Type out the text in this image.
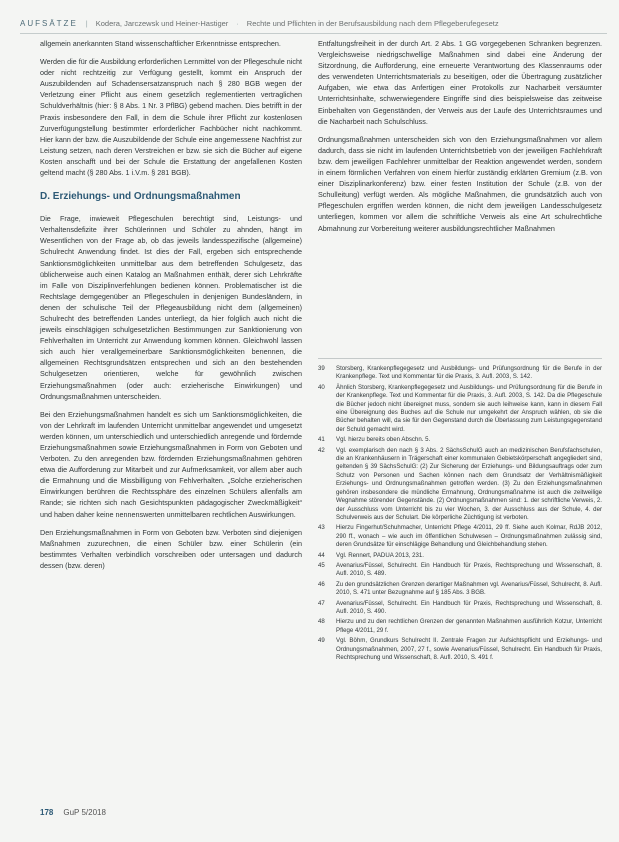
AUFSÄTZE | Kodera, Jarczewsk und Heiner-Hastiger · Rechte und Pflichten in der Berufsausbildung nach dem Pflegeberufegesetz

allgemein anerkannten Stand wissenschaftlicher Erkenntnisse entsprechen.

Werden die für die Ausbildung erforderlichen Lernmittel von der Pflegeschule nicht oder nicht rechtzeitig zur Verfügung gestellt, kommt ein Anspruch der Auszubildenden auf Schadensersatzanspruch nach § 280 BGB wegen der Verletzung einer Pflicht aus einem gesetzlich reglementierten vertraglichen Schuldverhältnis (hier: § 8 Abs. 1 Nr. 3 PflBG) gebend machen. Dies betrifft in der Praxis insbesondere den Fall, in dem die Schule ihrer Pflicht zur kostenlosen Zurverfügungstellung bestimmter erforderlicher Fachbücher nicht nachkommt. Hier kann der bzw. die Auszubildende der Schule eine angemessene Nachfrist zur Leistung setzen, nach deren Verstreichen er bzw. sie sich die Bücher auf eigene Kosten anschafft und bei der Schule die Erstattung der angefallenen Kosten geltend macht (§ 280 Abs. 1 i.V.m. § 281 BGB).

D. Erziehungs- und Ordnungsmaßnahmen

Die Frage, inwieweit Pflegeschulen berechtigt sind, Leistungs- und Verhaltensdefizite ihrer Schülerinnen und Schüler zu ahnden, hängt im Wesentlichen von der Frage ab, ob das jeweils landesspezifische (allgemeine) Schulrecht Anwendung findet. Ist dies der Fall, ergeben sich entsprechende Sanktionsmöglichkeiten unmittelbar aus dem betreffenden Schulgesetz, das üblicherweise auch einen Katalog an Maßnahmen enthält, derer sich Lehrkräfte im Falle von Disziplinverfehlungen bedienen können. Problematischer ist die Rechtslage demgegenüber an Pflegeschulen in denjenigen Bundesländern, in denen der schulische Teil der Pflegeausbildung nicht dem (allgemeinen) Schulrecht des betreffenden Landes unterliegt, da hier folglich auch nicht die jeweils einschlägigen schulgesetzlichen Bestimmungen zur Sanktionierung von Fehlverhalten im Unterricht zur Anwendung kommen können. Gleichwohl lassen sich auch hier verallgemeinerbare Sanktionsmöglichkeiten benennen, die allgemeinen Rechtsgrundsätzen entsprechen und sich an den bestehenden Schulgesetzen orientieren, welche für gewöhnlich zwischen Erziehungsmaßnahmen (oder auch: erzieherische Einwirkungen) und Ordnungsmaßnahmen unterscheiden.

Bei den Erziehungsmaßnahmen handelt es sich um Sanktionsmöglichkeiten, die von der Lehrkraft im laufenden Unterricht unmittelbar angewendet und umgesetzt werden können, um unterschiedlich und unterschiedlich anregende und fördernde Erziehungsmaßnahmen sowie Erziehungsmaßnahmen in Form von Geboten und Verboten. Zu den anregenden bzw. fördernden Erziehungsmaßnahmen gehören etwa die Aufforderung zur Mitarbeit und zur Aufmerksamkeit, vor allem aber auch die Ermahnung und die Missbilligung von Fehlverhalten. „Solche erzieherischen Einwirkungen berühren die Rechtssphäre des einzelnen Schülers allenfalls am Rande; sie richten sich nach Gesichtspunkten pädagogischer Zweckmäßigkeit“ und haben daher keine nennenswerten unmittelbaren rechtlichen Auswirkungen.

Den Erziehungsmaßnahmen in Form von Geboten bzw. Verboten sind diejenigen Maßnahmen zuzurechnen, die einen Schüler bzw. einer Schülerin (ein bestimmtes Verhalten verbindlich vorschreiben oder untersagen und dadurch dessen (bzw. deren)

Entfaltungsfreiheit in der durch Art. 2 Abs. 1 GG vorgegebenen Schranken begrenzen. Vergleichsweise niedrigschwellige Maßnahmen sind dabei eine Änderung der Sitzordnung, die Aufforderung, eine erneuerte Verantwortung des Klassenraums oder des verwendeten Unterrichtsmaterials zu beseitigen, oder die Übertragung zusätzlicher Aufgaben, wie etwa das Anfertigen einer Protokolls zur Nacharbeit versäumter Unterrichtsinhalte, schwerwiegendere Eingriffe sind dies beispielsweise das zeitweise Einbehalten von Gegenständen, der Verweis aus der Laufe des Unterrichtsraumes und die Nacharbeit nach Schulschluss.

Ordnungsmaßnahmen unterscheiden sich von den Erziehungsmaßnahmen vor allem dadurch, dass sie nicht im laufenden Unterrichtsbetrieb von der jeweiligen Fachlehrkraft bzw. dem jeweiligen Fachlehrer unmittelbar der Reaktion angewendet werden, sondern in einem förmlichen Verfahren von einem hierfür zuständig erklärten Gremium (z.B. von einer Disziplinarkonferenz) bzw. einer festen Institution der Schule (z.B. von der Schulleitung) verfügt werden. Als mögliche Maßnahmen, die grundsätzlich auch von Pflegeschulen ergriffen werden können, die nicht dem jeweiligen Landesschulgesetz unterliegen, kommen vor allem die schriftliche Verweis als eine Art schulrechtliche Abmahnung zur Vorbereitung weiterer ausbildungsrechtlicher Maßnahmen

39	Storsberg, Krankenpflegegesetz und Ausbildungs- und Prüfungsordnung für die Berufe in der Krankenpflege. Text und Kommentar für die Praxis, 3. Aufl. 2003, S. 142.
40	Ähnlich Storsberg, Krankenpflegegesetz und Ausbildungs- und Prüfungsordnung für die Berufe in der Krankenpflege. Text und Kommentar für die Praxis, 3. Aufl. 2003, S. 142. Da die Pflegeschule die Bücher jedoch nicht übereignet muss, sondern sie auch leihweise kann, kann in diesem Fall eine Übereignung des Buches auf die Schule nur umgekehrt der Anspruch wählen, ob sie die Bücher behalten will, da sie für den Gegenstand durch die Überlassung zum Leistungsgegenstand der Schuld gemacht wird.
41	Vgl. hierzu bereits oben Abschn. 5.
42	Vgl. exemplarisch den nach § 3 Abs. 2 SächsSchulG auch an medizinischen Berufsfachschulen, die an Krankenhäusern in Trägerschaft einer kommunalen Gebietskörperschaft angegliedert sind, geltenden § 39 SächsSchulG: (2) Zur Sicherung der Erziehungs- und Bildungsauftrags oder zum Schutz von Personen und Sachen können nach dem Grundsatz der Verhältnismäßigkeit Erziehungs- und Ordnungsmaßnahmen getroffen werden. (3) Zu den Erziehungsmaßnahmen gehören insbesondere die mündliche Ermahnung, Ordnungsmaßnahme ist auch die zeitweilige Wegnahme störender Gegenstände. (2) Ordnungsmaßnahmen sind: 1. der schriftliche Verweis, 2. der Ausschluss vom Unterricht bis zu vier Wochen, 3. der Ausschluss aus der Schule, 4. der Schulverweis aus der Schulart. Die körperliche Züchtigung ist verboten.
43	Hierzu Fingerhut/Schuhmacher, Unterricht Pflege 4/2011, 29 ff. Siehe auch Kolmar, RdJB 2012, 290 ff., wonach – wie auch im öffentlichen Schulwesen – Ordnungsmaßnahmen zulässig sind, deren Grundsätze für einschlägige Behandlung und Gleichbehandlung stehen.
44	Vgl. Rennert, PADUA 2013, 231.
45	Avenarius/Füssel, Schulrecht. Ein Handbuch für Praxis, Rechtsprechung und Wissenschaft, 8. Aufl. 2010, S. 489.
46	Zu den grundsätzlichen Grenzen derartiger Maßnahmen vgl. Avenarius/Füssel, Schulrecht, 8. Aufl. 2010, S. 471 unter Bezugnahme auf § 185 Abs. 3 BGB.
47	Avenarius/Füssel, Schulrecht. Ein Handbuch für Praxis, Rechtsprechung und Wissenschaft, 8. Aufl. 2010, S. 490.
48	Hierzu und zu den rechtlichen Grenzen der genannten Maßnahmen ausführlich Kotzur, Unterricht Pflege 4/2011, 29 f.
49	Vgl. Böhm, Grundkurs Schulrecht II. Zentrale Fragen zur Aufsichtspflicht und Erziehungs- und Ordnungsmaßnahmen, 2007, 27 f., sowie Avenarius/Füssel, Schulrecht. Ein Handbuch für Praxis, Rechtsprechung und Wissenschaft, 8. Aufl. 2010, S. 491 f.
178 GuP 5/2018
